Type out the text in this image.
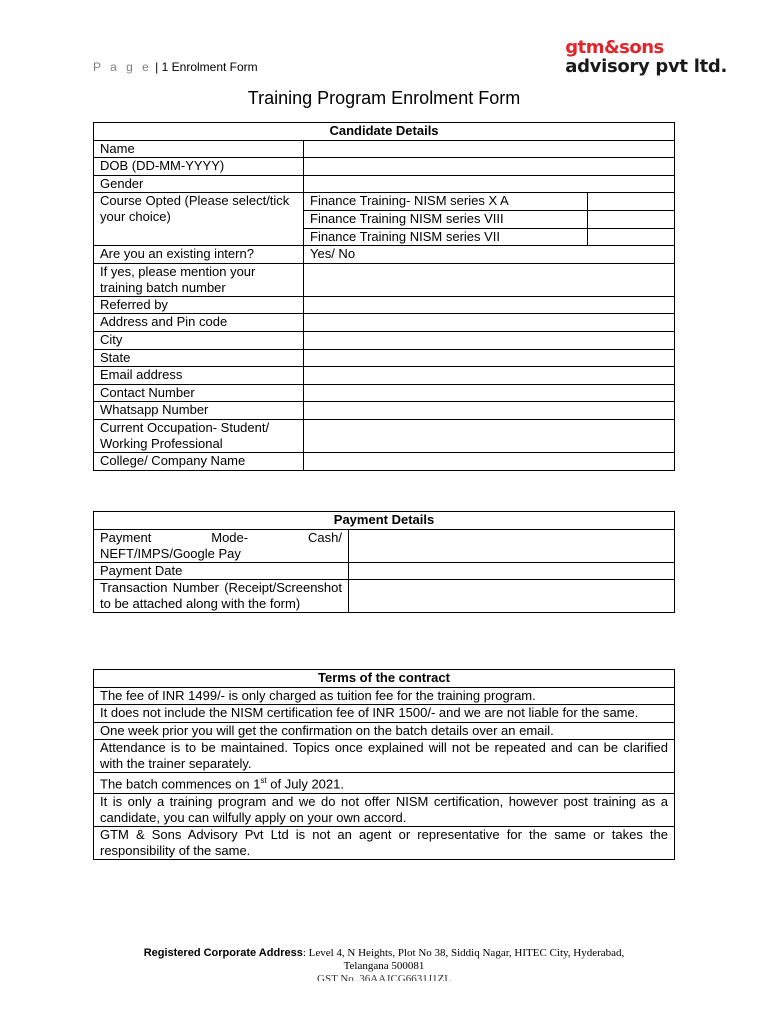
P a g e | 1 Enrolment Form
gtm&sons
advisory pvt ltd.
Training Program Enrolment Form
Candidate Details
Name	
DOB (DD-MM-YYYY)	
Gender	
Course Opted (Please select/tick your choice)	
Finance Training- NISM series X A	
Finance Training NISM series VIII	
Finance Training NISM series VII	

Are you an existing intern?	Yes/ No
If yes, please mention your training batch number	
Referred by	
Address and Pin code	
City	
State	
Email address	
Contact Number	
Whatsapp Number	
Current Occupation- Student/ Working Professional	
College/ Company Name	
Payment Details	
Payment Mode- Cash/ NEFT/IMPS/Google Pay	
Payment Date	
Transaction Number (Receipt/Screenshot to be attached along with the form)	
Terms of the contract
The fee of INR 1499/- is only charged as tuition fee for the training program.
It does not include the NISM certification fee of INR 1500/- and we are not liable for the same.
One week prior you will get the confirmation on the batch details over an email.
Attendance is to be maintained. Topics once explained will not be repeated and can be clarified with the trainer separately.
The batch commences on 1st of July 2021.
It is only a training program and we do not offer NISM certification, however post training as a candidate, you can wilfully apply on your own accord.
GTM & Sons Advisory Pvt Ltd is not an agent or representative for the same or takes the responsibility of the same.
Registered Corporate Address: Level 4, N Heights, Plot No 38, Siddiq Nagar, HITEC City, Hyderabad,
Telangana 500081
GST No. 36AAJCG6631J1ZL
